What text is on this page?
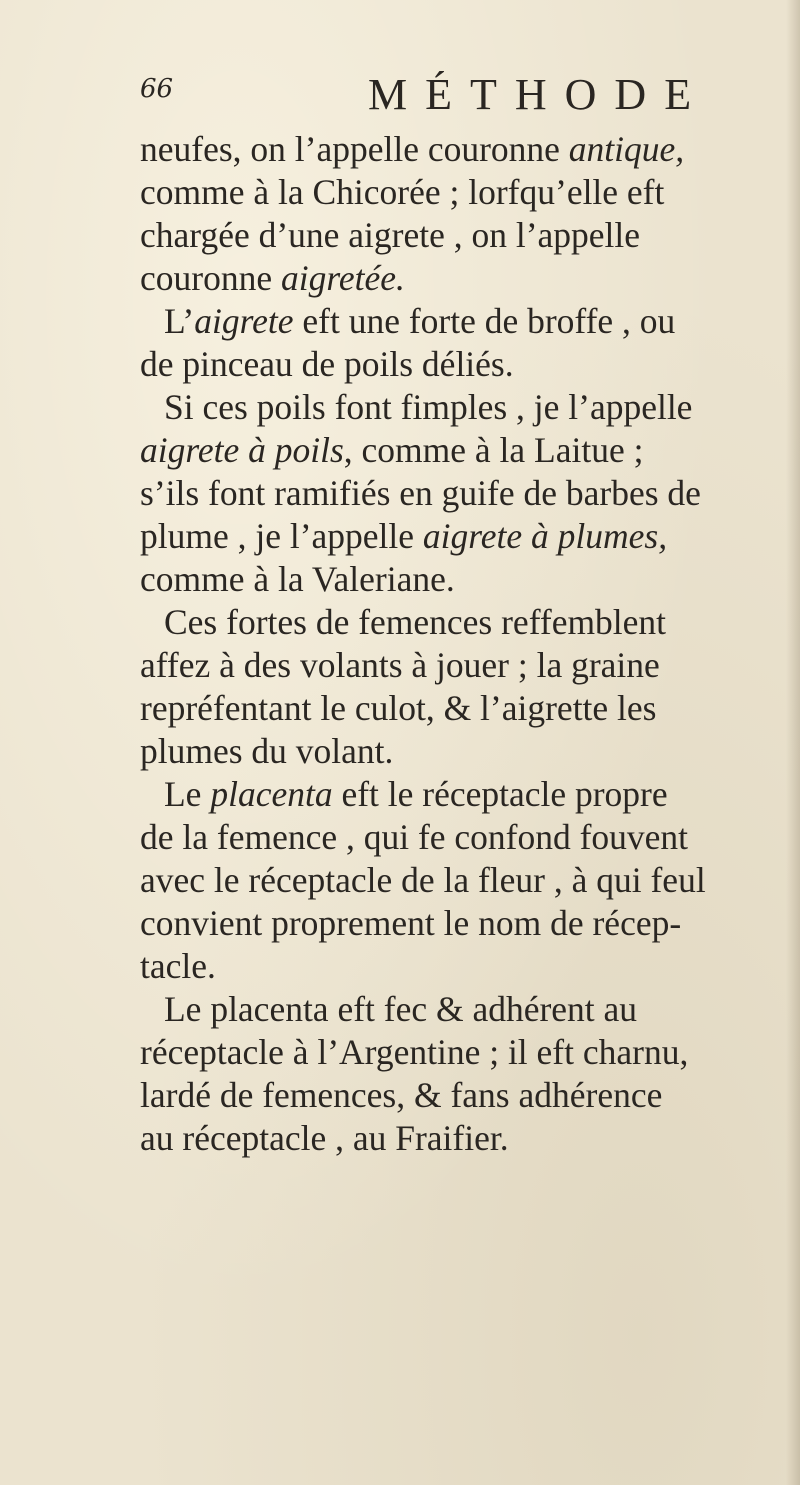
66	MÉTHODE
neufes, on l’appelle couronne antique,
comme à la Chicorée ; lorfqu’elle eft
chargée d’une aigrete , on l’appelle
couronne aigretée.
L’aigrete eft une forte de broffe , ou
de pinceau de poils déliés.
Si ces poils font fimples , je l’appelle
aigrete à poils, comme à la Laitue ;
s’ils font ramifiés en guife de barbes de
plume , je l’appelle aigrete à plumes,
comme à la Valeriane.
Ces fortes de femences reffemblent
affez à des volants à jouer ; la graine
repréfentant le culot, & l’aigrette les
plumes du volant.
Le placenta eft le réceptacle propre
de la femence , qui fe confond fouvent
avec le réceptacle de la fleur , à qui feul
convient proprement le nom de récep-
tacle.
Le placenta eft fec & adhérent au
réceptacle à l’Argentine ; il eft charnu,
lardé de femences, & fans adhérence
au réceptacle , au Fraifier.
